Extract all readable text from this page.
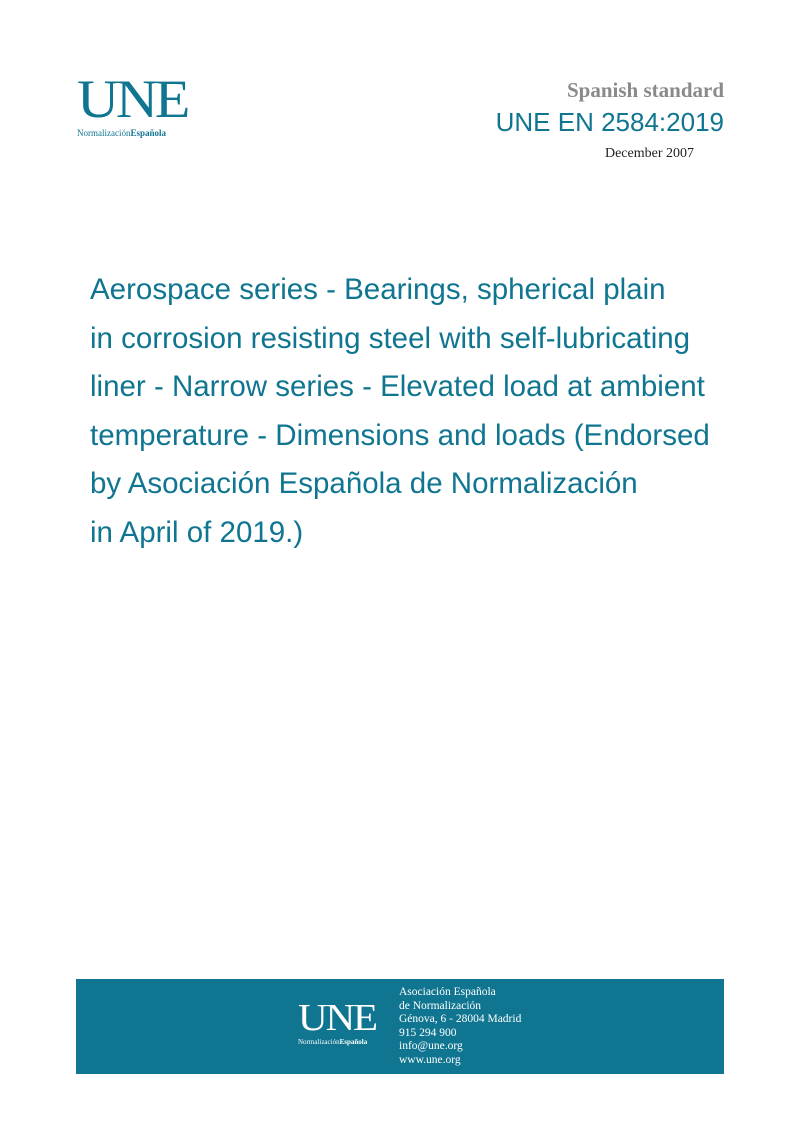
UNE
NormalizaciónEspañola
Spanish standard
UNE EN 2584:2019
December 2007
Aerospace series - Bearings, spherical plain
in corrosion resisting steel with self-lubricating
liner - Narrow series - Elevated load at ambient
temperature - Dimensions and loads (Endorsed
by Asociación Española de Normalización
in April of 2019.)
UNE
NormalizaciónEspañola
Asociación Española
de Normalización
Génova, 6 - 28004 Madrid
915 294 900
info@une.org
www.une.org
